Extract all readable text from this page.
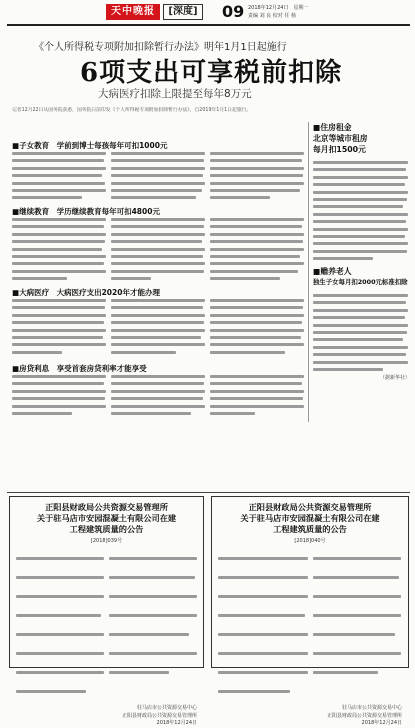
天中晚报	[深度]	09 2018年12月24日　星期一
责编 刘 良 校对 任 杨
《个人所得税专项附加扣除暂行办法》明年1月1日起施行
6项支出可享税前扣除
大病医疗扣除上限提至每年8万元
记者12月22日从国务院获悉，国务院日前印发《个人所得税专项附加扣除暂行办法》，自2019年1月1日起施行。
■子女教育　学前到博士每孩每年可扣1000元
■继续教育　学历继续教育每年可扣4800元
■大病医疗　大病医疗支出2020年才能办理
■房贷利息　享受首套房贷利率才能享受
■住房租金
北京等城市租房
每月扣1500元
■赡养老人
独生子女每月扣2000元标准扣除
（据新华社）
正阳县财政局公共资源交易管理所
关于驻马店市安园混凝土有限公司在建
工程建筑质量的公告
[2018]039号

驻马店市公共资源交易中心
正阳县财政局公共资源交易管理所
2018年12月24日
正阳县财政局公共资源交易管理所
关于驻马店市安园混凝土有限公司在建
工程建筑质量的公告
[2018]040号

驻马店市公共资源交易中心
正阳县财政局公共资源交易管理所
2018年12月24日
